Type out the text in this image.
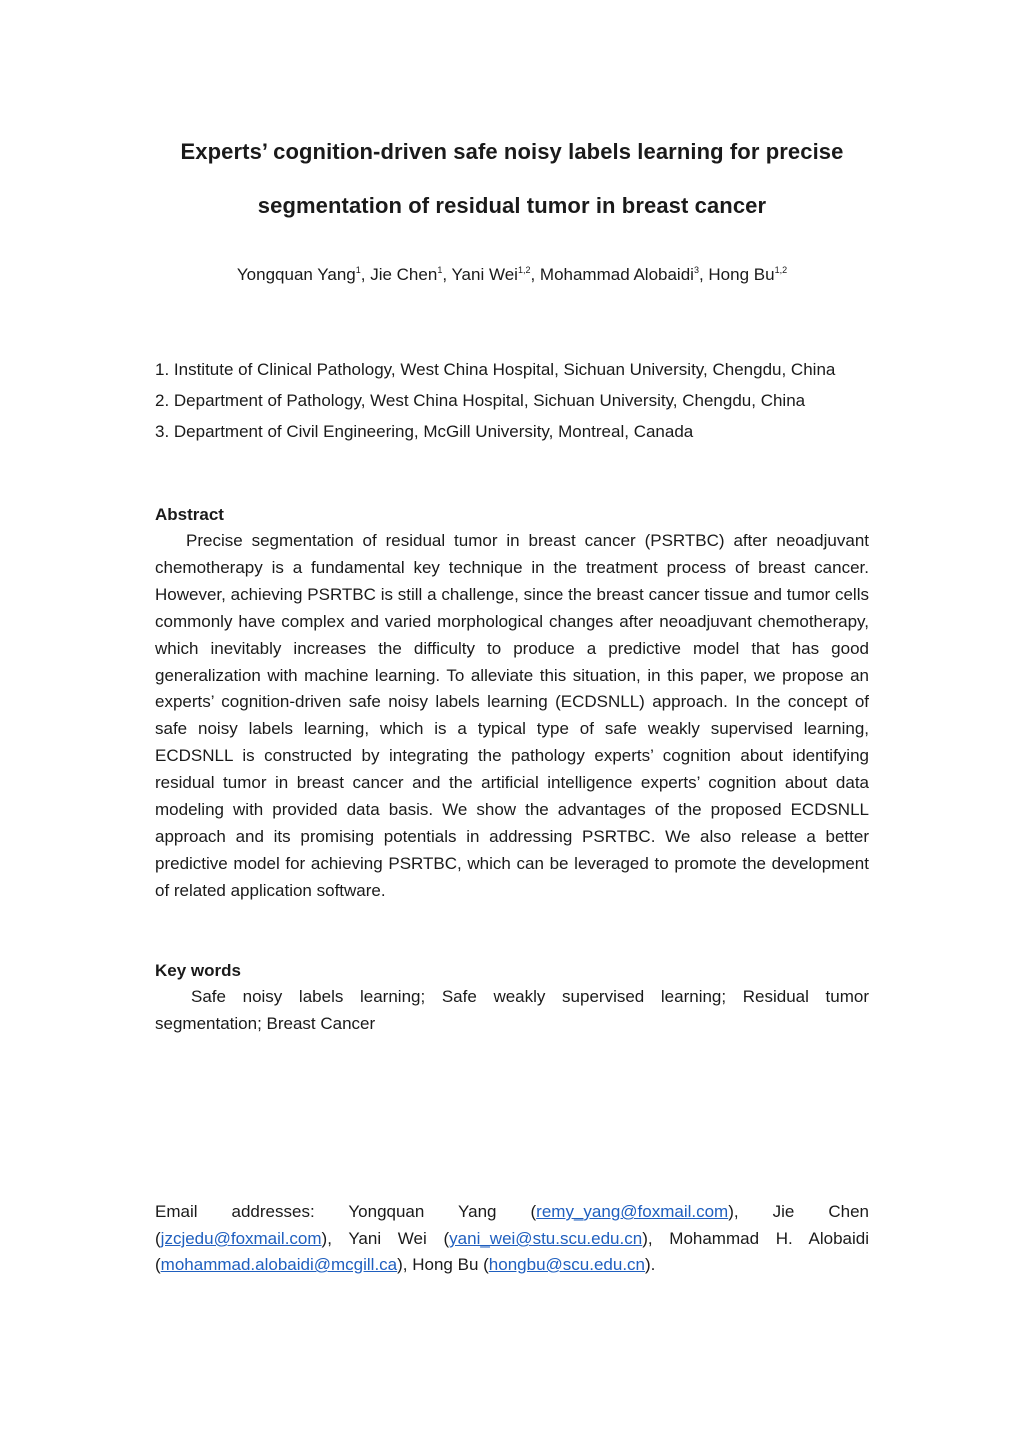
Experts’ cognition-driven safe noisy labels learning for precise
segmentation of residual tumor in breast cancer
Yongquan Yang$^1$, Jie Chen$^1$, Yani Wei$^{1,2}$, Mohammad Alobaidi$^3$, Hong Bu$^{1,2}$
1. Institute of Clinical Pathology, West China Hospital, Sichuan University, Chengdu, China
2. Department of Pathology, West China Hospital, Sichuan University, Chengdu, China
3. Department of Civil Engineering, McGill University, Montreal, Canada
Abstract
Precise segmentation of residual tumor in breast cancer (PSRTBC) after neoadjuvant chemotherapy is a fundamental key technique in the treatment process of breast cancer. However, achieving PSRTBC is still a challenge, since the breast cancer tissue and tumor cells commonly have complex and varied morphological changes after neoadjuvant chemotherapy, which inevitably increases the difficulty to produce a predictive model that has good generalization with machine learning. To alleviate this situation, in this paper, we propose an experts’ cognition-driven safe noisy labels learning (ECDSNLL) approach. In the concept of safe noisy labels learning, which is a typical type of safe weakly supervised learning, ECDSNLL is constructed by integrating the pathology experts’ cognition about identifying residual tumor in breast cancer and the artificial intelligence experts’ cognition about data modeling with provided data basis. We show the advantages of the proposed ECDSNLL approach and its promising potentials in addressing PSRTBC. We also release a better predictive model for achieving PSRTBC, which can be leveraged to promote the development of related application software.
Key words
Safe noisy labels learning; Safe weakly supervised learning; Residual tumor segmentation; Breast Cancer
Email addresses: Yongquan Yang (remy_yang@foxmail.com), Jie Chen (jzcjedu@foxmail.com), Yani Wei (yani_wei@stu.scu.edu.cn), Mohammad H. Alobaidi
(mohammad.alobaidi@mcgill.ca), Hong Bu (hongbu@scu.edu.cn).
